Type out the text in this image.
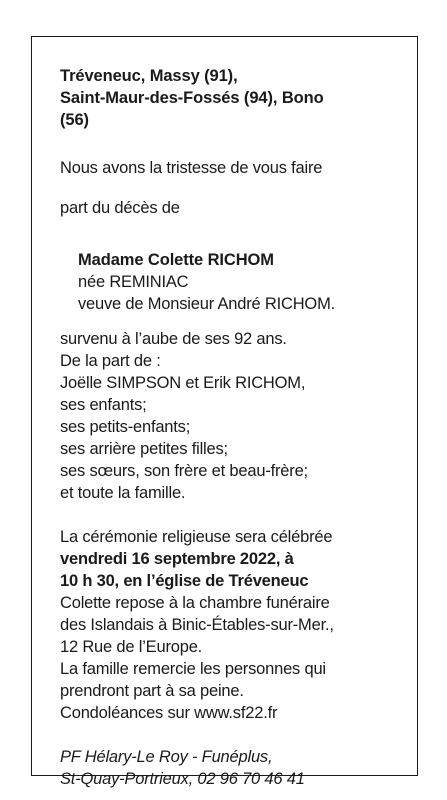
Tréveneuc, Massy (91),
Saint-Maur-des-Fossés (94), Bono
(56)

Nous avons la tristesse de vous faire

part du décès de

Madame Colette RICHOM
née REMINIAC
veuve de Monsieur André RICHOM.
survenu à l’aube de ses 92 ans.
De la part de :
Joëlle SIMPSON et Erik RICHOM,
ses enfants;
ses petits-enfants;
ses arrière petites filles;
ses sœurs, son frère et beau-frère;
et toute la famille.
La cérémonie religieuse sera célébrée
vendredi 16 septembre 2022, à
10 h 30, en l’église de Tréveneuc
Colette repose à la chambre funéraire
des Islandais à Binic-Étables-sur-Mer.,
12 Rue de l’Europe.
La famille remercie les personnes qui
prendront part à sa peine.
Condoléances sur www.sf22.fr
PF Hélary-Le Roy - Funéplus,
St-Quay-Portrieux, 02 96 70 46 41
